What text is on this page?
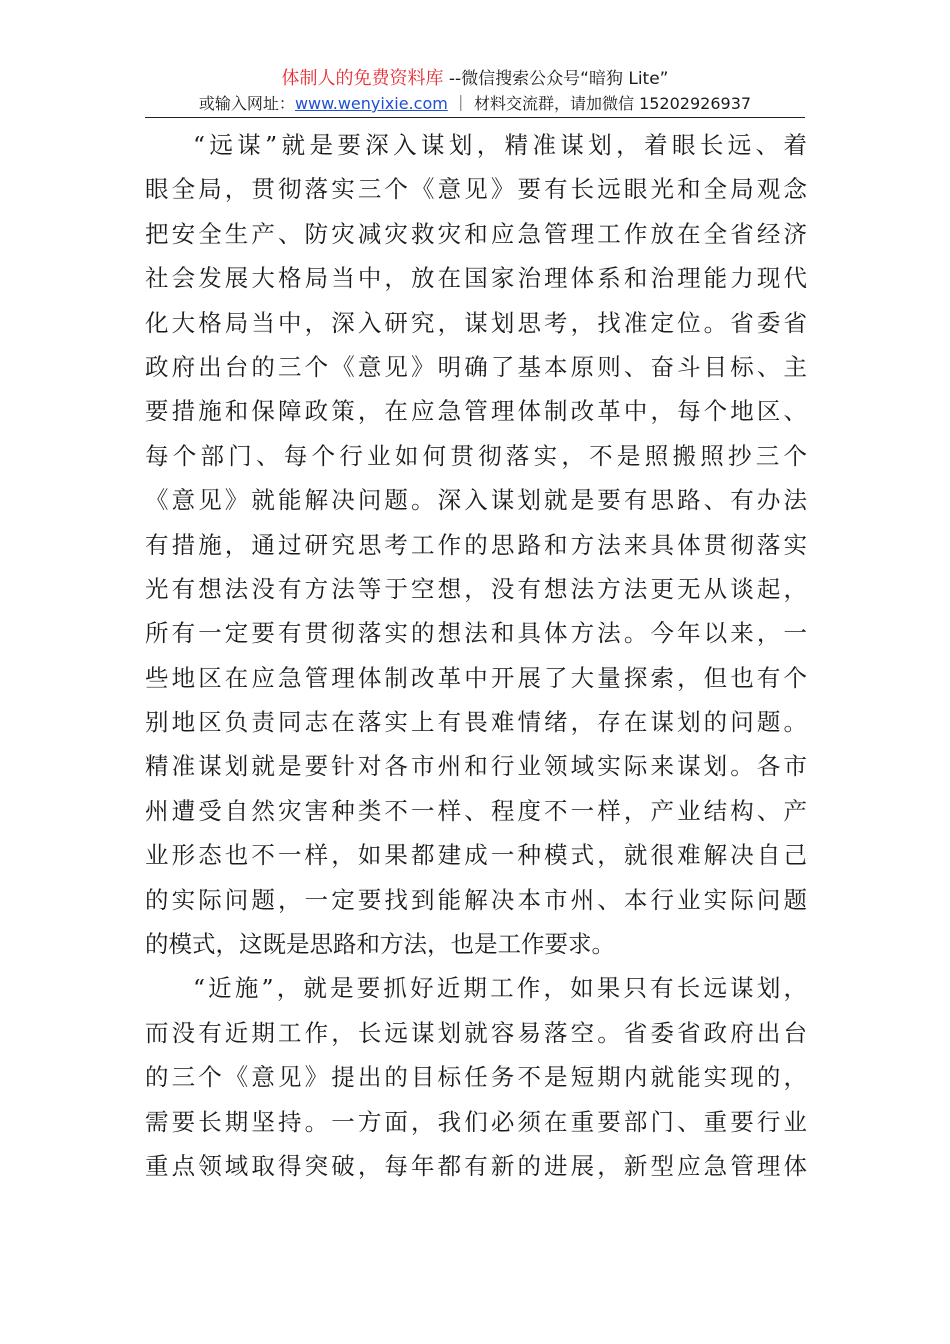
体制人的免费资料库 --微信搜索公众号“暗狗 Lite”
或输入网址：www.wenyixie.com ｜ 材料交流群，请加微信 15202926937
“远谋”就是要深入谋划，精准谋划，着眼长远、着
眼全局，贯彻落实三个《意见》要有长远眼光和全局观念
把安全生产、防灾减灾救灾和应急管理工作放在全省经济
社会发展大格局当中，放在国家治理体系和治理能力现代
化大格局当中，深入研究，谋划思考，找准定位。省委省
政府出台的三个《意见》明确了基本原则、奋斗目标、主
要措施和保障政策，在应急管理体制改革中，每个地区、
每个部门、每个行业如何贯彻落实，不是照搬照抄三个
《意见》就能解决问题。深入谋划就是要有思路、有办法
有措施，通过研究思考工作的思路和方法来具体贯彻落实
光有想法没有方法等于空想，没有想法方法更无从谈起，
所有一定要有贯彻落实的想法和具体方法。今年以来，一
些地区在应急管理体制改革中开展了大量探索，但也有个
别地区负责同志在落实上有畏难情绪，存在谋划的问题。
精准谋划就是要针对各市州和行业领域实际来谋划。各市
州遭受自然灾害种类不一样、程度不一样，产业结构、产
业形态也不一样，如果都建成一种模式，就很难解决自己
的实际问题，一定要找到能解决本市州、本行业实际问题
的模式，这既是思路和方法，也是工作要求。
“近施”，就是要抓好近期工作，如果只有长远谋划，
而没有近期工作，长远谋划就容易落空。省委省政府出台
的三个《意见》提出的目标任务不是短期内就能实现的，
需要长期坚持。一方面，我们必须在重要部门、重要行业
重点领域取得突破，每年都有新的进展，新型应急管理体
